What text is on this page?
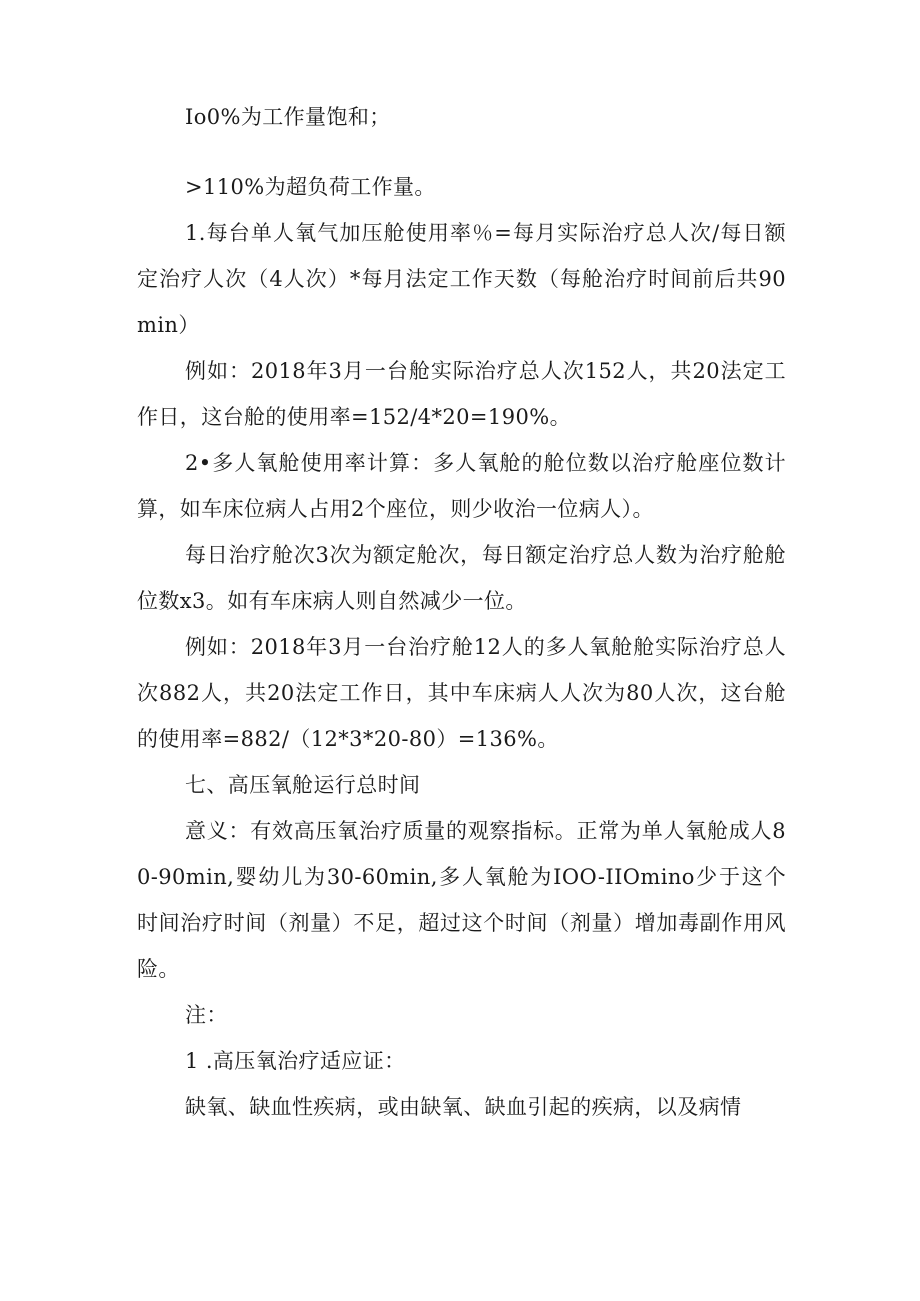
Io0%为工作量饱和；

>110%为超负荷工作量。

1.每台单人氧气加压舱使用率％=每月实际治疗总人次/每日额定治疗人次（4人次）*每月法定工作天数（每舱治疗时间前后共90min）

例如：2018年3月一台舱实际治疗总人次152人，共20法定工作日，这台舱的使用率=152/4*20=190%。

2•多人氧舱使用率计算：多人氧舱的舱位数以治疗舱座位数计算，如车床位病人占用2个座位，则少收治一位病人）。

每日治疗舱次3次为额定舱次，每日额定治疗总人数为治疗舱舱位数x3。如有车床病人则自然减少一位。

例如：2018年3月一台治疗舱12人的多人氧舱舱实际治疗总人次882人，共20法定工作日，其中车床病人人次为80人次，这台舱的使用率=882/（12*3*20-80）=136%。

七、高压氧舱运行总时间

意义：有效高压氧治疗质量的观察指标。正常为单人氧舱成人80-90min,婴幼儿为30-60min,多人氧舱为IOO-IIOmino少于这个时间治疗时间（剂量）不足，超过这个时间（剂量）增加毒副作用风险。

注：

1 .高压氧治疗适应证：

缺氧、缺血性疾病，或由缺氧、缺血引起的疾病，以及病情
